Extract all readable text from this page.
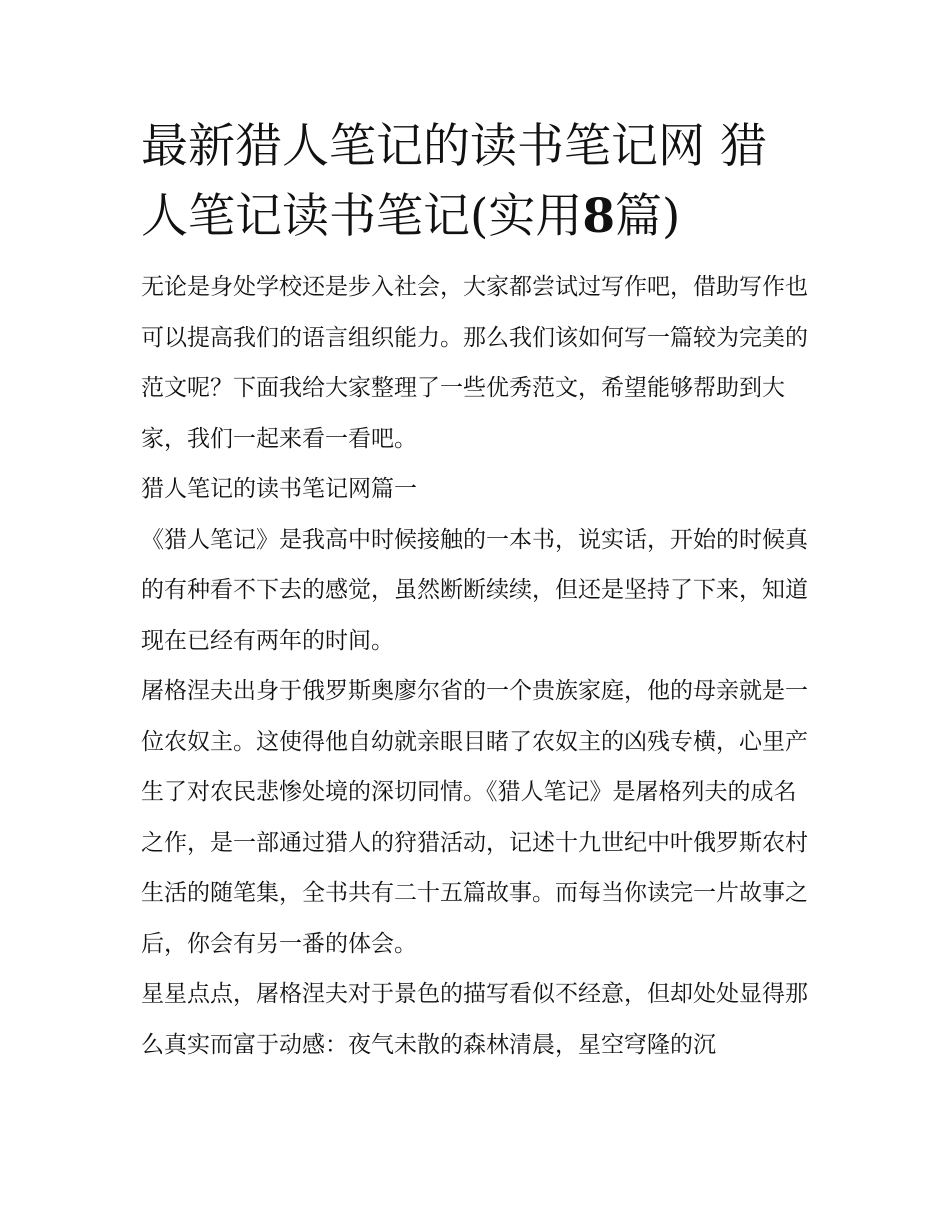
最新猎人笔记的读书笔记网 猎人笔记读书笔记(实用8篇)

无论是身处学校还是步入社会，大家都尝试过写作吧，借助写作也可以提高我们的语言组织能力。那么我们该如何写一篇较为完美的范文呢？下面我给大家整理了一些优秀范文，希望能够帮助到大家，我们一起来看一看吧。

猎人笔记的读书笔记网篇一

《猎人笔记》是我高中时候接触的一本书，说实话，开始的时候真的有种看不下去的感觉，虽然断断续续，但还是坚持了下来，知道现在已经有两年的时间。

屠格涅夫出身于俄罗斯奥廖尔省的一个贵族家庭，他的母亲就是一位农奴主。这使得他自幼就亲眼目睹了农奴主的凶残专横，心里产生了对农民悲惨处境的深切同情。《猎人笔记》是屠格列夫的成名之作，是一部通过猎人的狩猎活动，记述十九世纪中叶俄罗斯农村生活的随笔集，全书共有二十五篇故事。而每当你读完一片故事之后，你会有另一番的体会。

星星点点，屠格涅夫对于景色的描写看似不经意，但却处处显得那么真实而富于动感：夜气未散的森林清晨，星空穹隆的沉
